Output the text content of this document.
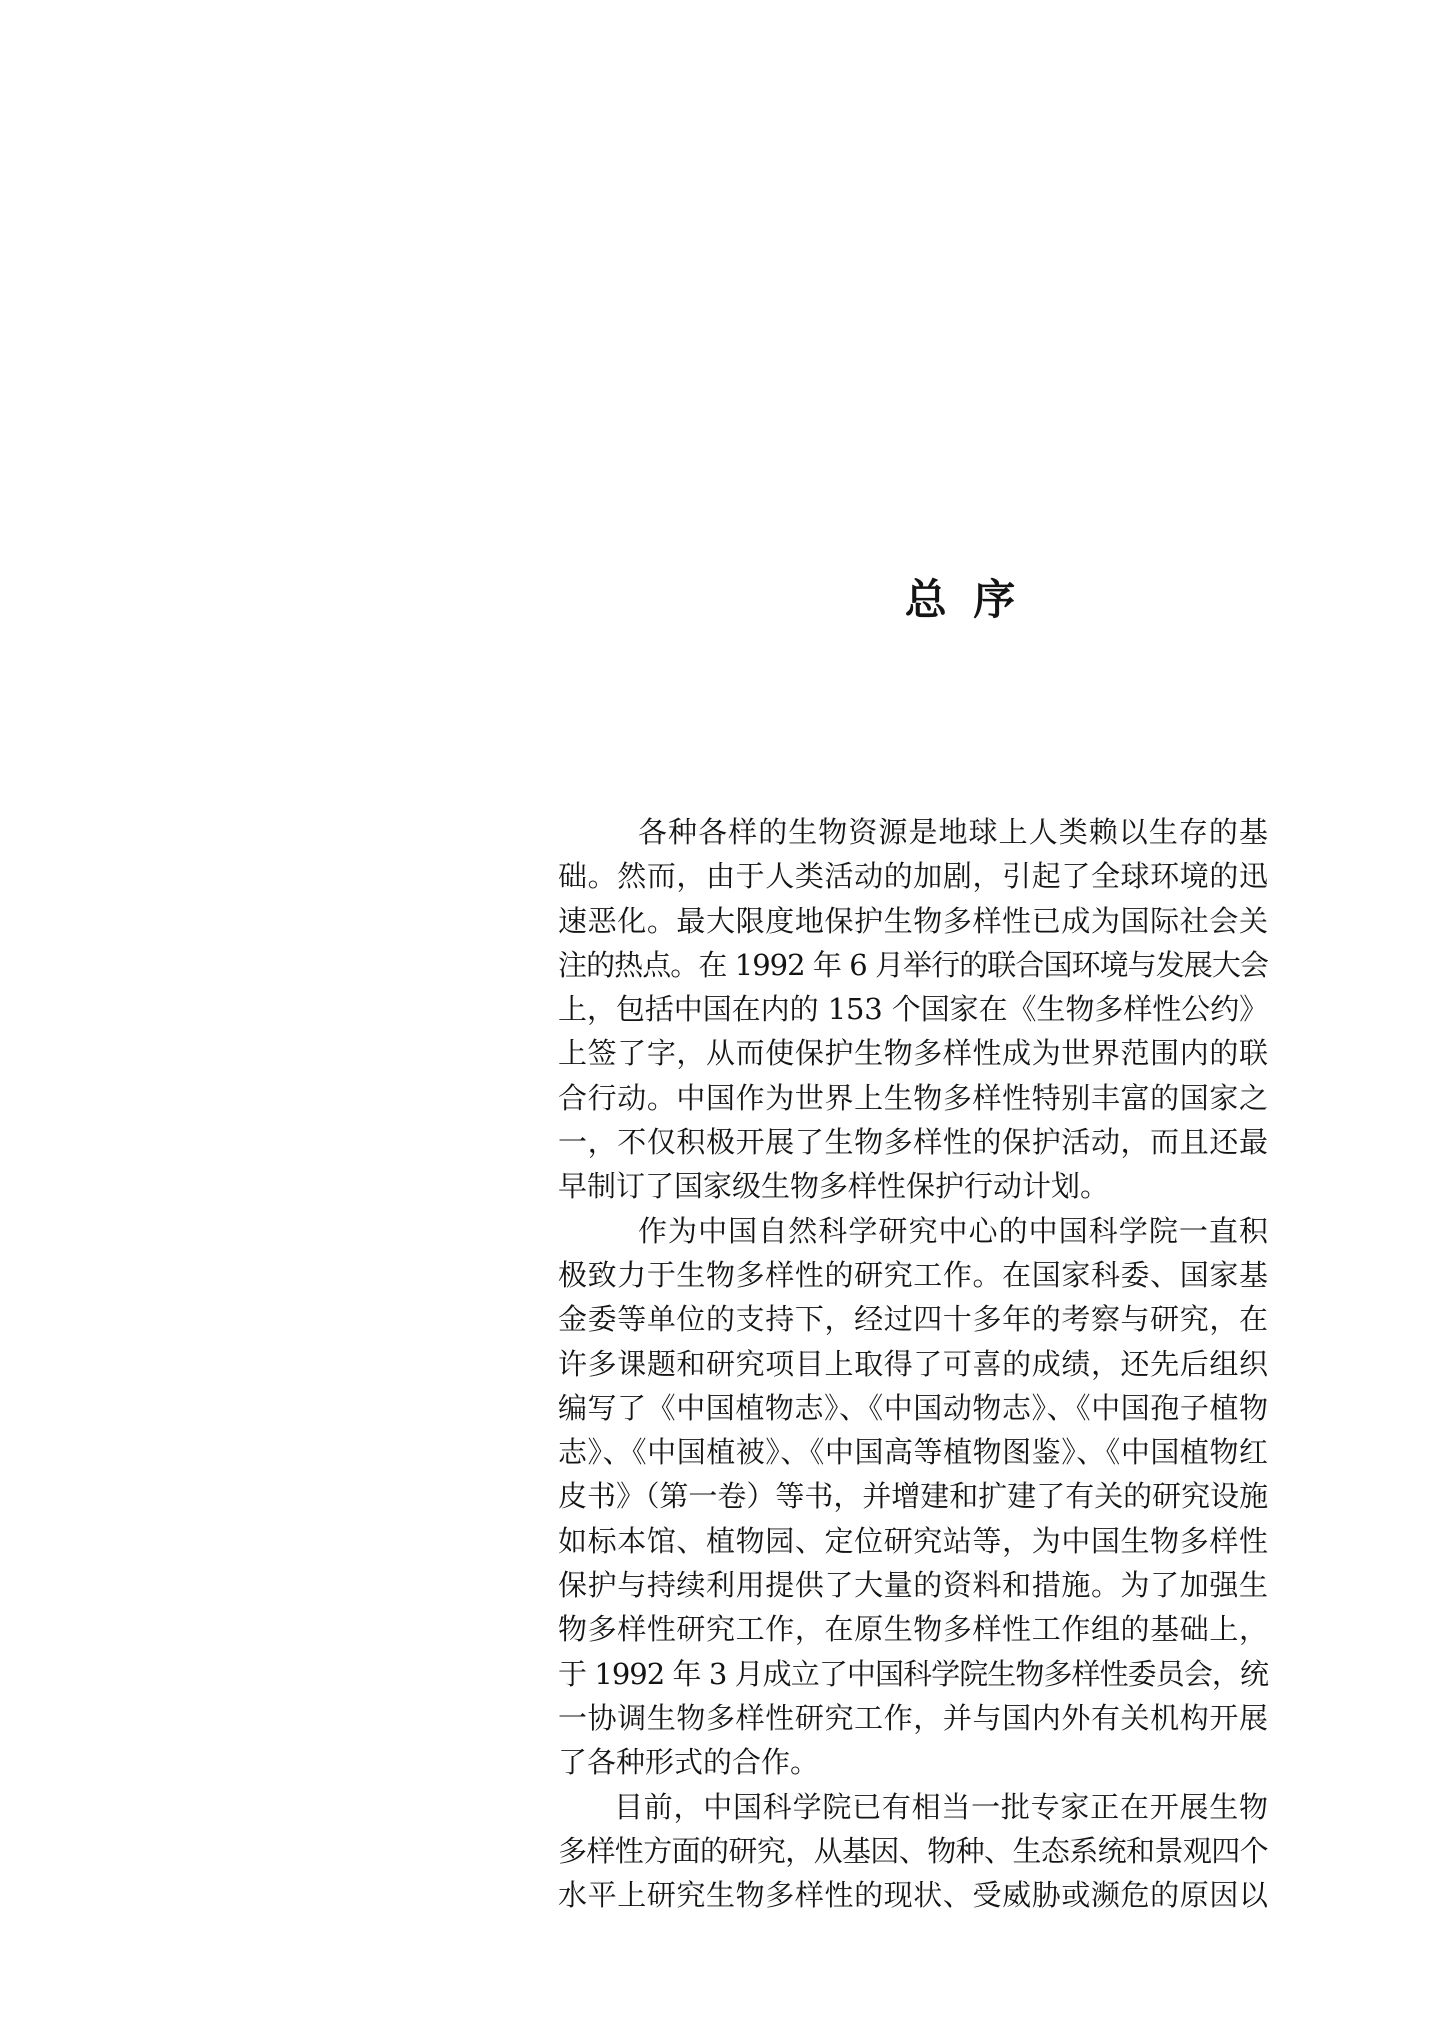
总 序
各种各样的生物资源是地球上人类赖以生存的基
础。然而，由于人类活动的加剧，引起了全球环境的迅
速恶化。最大限度地保护生物多样性已成为国际社会关
注的热点。在 1992 年 6 月举行的联合国环境与发展大会
上，包括中国在内的 153 个国家在《生物多样性公约》
上签了字，从而使保护生物多样性成为世界范围内的联
合行动。中国作为世界上生物多样性特别丰富的国家之
一，不仅积极开展了生物多样性的保护活动，而且还最
早制订了国家级生物多样性保护行动计划。
作为中国自然科学研究中心的中国科学院一直积
极致力于生物多样性的研究工作。在国家科委、国家基
金委等单位的支持下，经过四十多年的考察与研究，在
许多课题和研究项目上取得了可喜的成绩，还先后组织
编写了《中国植物志》、《中国动物志》、《中国孢子植物
志》、《中国植被》、《中国高等植物图鉴》、《中国植物红
皮书》（第一卷）等书，并增建和扩建了有关的研究设施
如标本馆、植物园、定位研究站等，为中国生物多样性
保护与持续利用提供了大量的资料和措施。为了加强生
物多样性研究工作，在原生物多样性工作组的基础上，
于 1992 年 3 月成立了中国科学院生物多样性委员会，统
一协调生物多样性研究工作，并与国内外有关机构开展
了各种形式的合作。
目前，中国科学院已有相当一批专家正在开展生物
多样性方面的研究，从基因、物种、生态系统和景观四个
水平上研究生物多样性的现状、受威胁或濒危的原因以
